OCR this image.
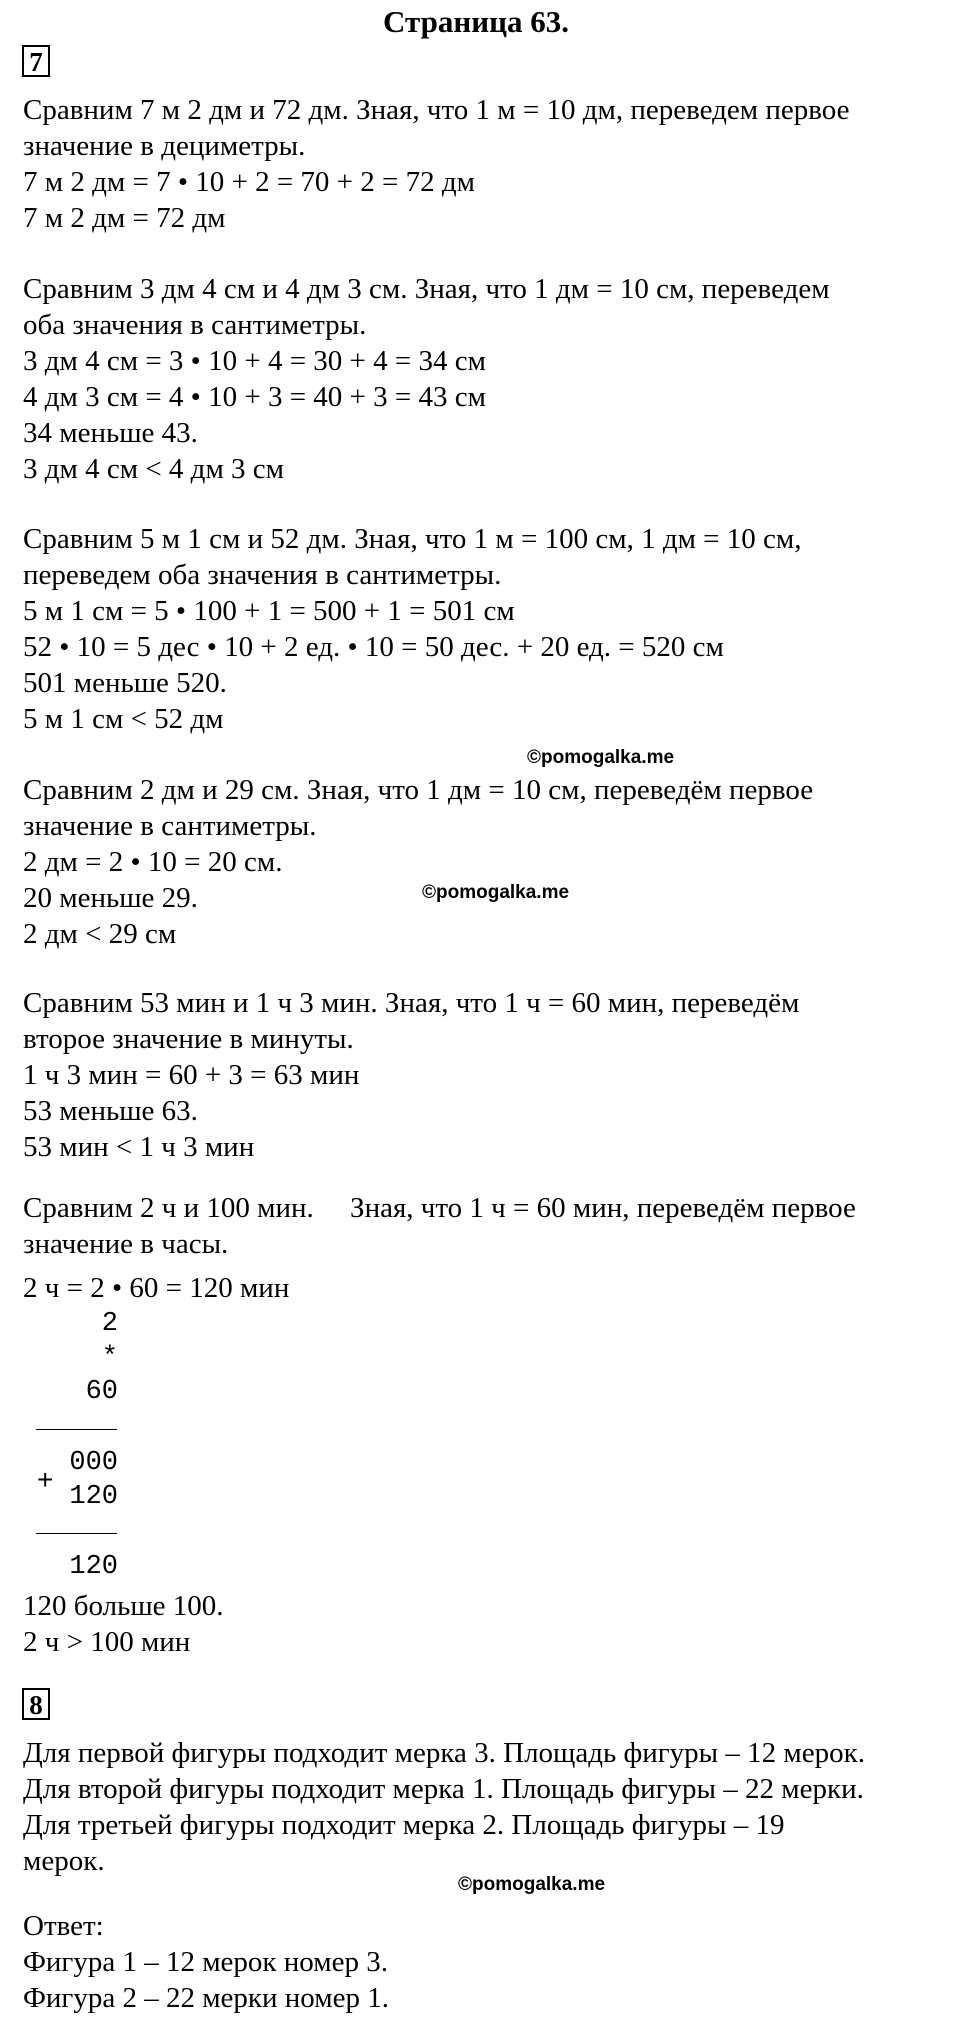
Страница 63.
7
Сравним 7 м 2 дм и 72 дм. Зная, что 1 м = 10 дм, переведем первое
значение в дециметры.
7 м 2 дм = 7 • 10 + 2 = 70 + 2 = 72 дм
7 м 2 дм = 72 дм
Сравним 3 дм 4 см и 4 дм 3 см. Зная, что 1 дм = 10 см, переведем
оба значения в сантиметры.
3 дм 4 см = 3 • 10 + 4 = 30 + 4 = 34 см
4 дм 3 см = 4 • 10 + 3 = 40 + 3 = 43 см
34 меньше 43.
3 дм 4 см < 4 дм 3 см
Сравним 5 м 1 см и 52 дм. Зная, что 1 м = 100 см, 1 дм = 10 см,
переведем оба значения в сантиметры.
5 м 1 см = 5 • 100 + 1 = 500 + 1 = 501 см
52 • 10 = 5 дес • 10 + 2 ед. • 10 = 50 дес. + 20 ед. = 520 см
501 меньше 520.
5 м 1 см < 52 дм
©pomogalka.me
Сравним 2 дм и 29 см. Зная, что 1 дм = 10 см, переведём первое
значение в сантиметры.
2 дм = 2 • 10 = 20 см.
20 меньше 29.
2 дм < 29 см
©pomogalka.me
Сравним 53 мин и 1 ч 3 мин. Зная, что 1 ч = 60 мин, переведём
второе значение в минуты.
1 ч 3 мин = 60 + 3 = 63 мин
53 меньше 63.
53 мин < 1 ч 3 мин
Сравним 2 ч и 100 мин.     Зная, что 1 ч = 60 мин, переведём первое
значение в часы.
2 ч = 2 • 60 = 120 мин
2
*
60
+
000
120
120
120 больше 100.
2 ч > 100 мин
8
Для первой фигуры подходит мерка 3. Площадь фигуры – 12 мерок.
Для второй фигуры подходит мерка 1. Площадь фигуры – 22 мерки.
Для третьей фигуры подходит мерка 2. Площадь фигуры – 19
мерок.
©pomogalka.me
Ответ:
Фигура 1 – 12 мерок номер 3.
Фигура 2 – 22 мерки номер 1.
